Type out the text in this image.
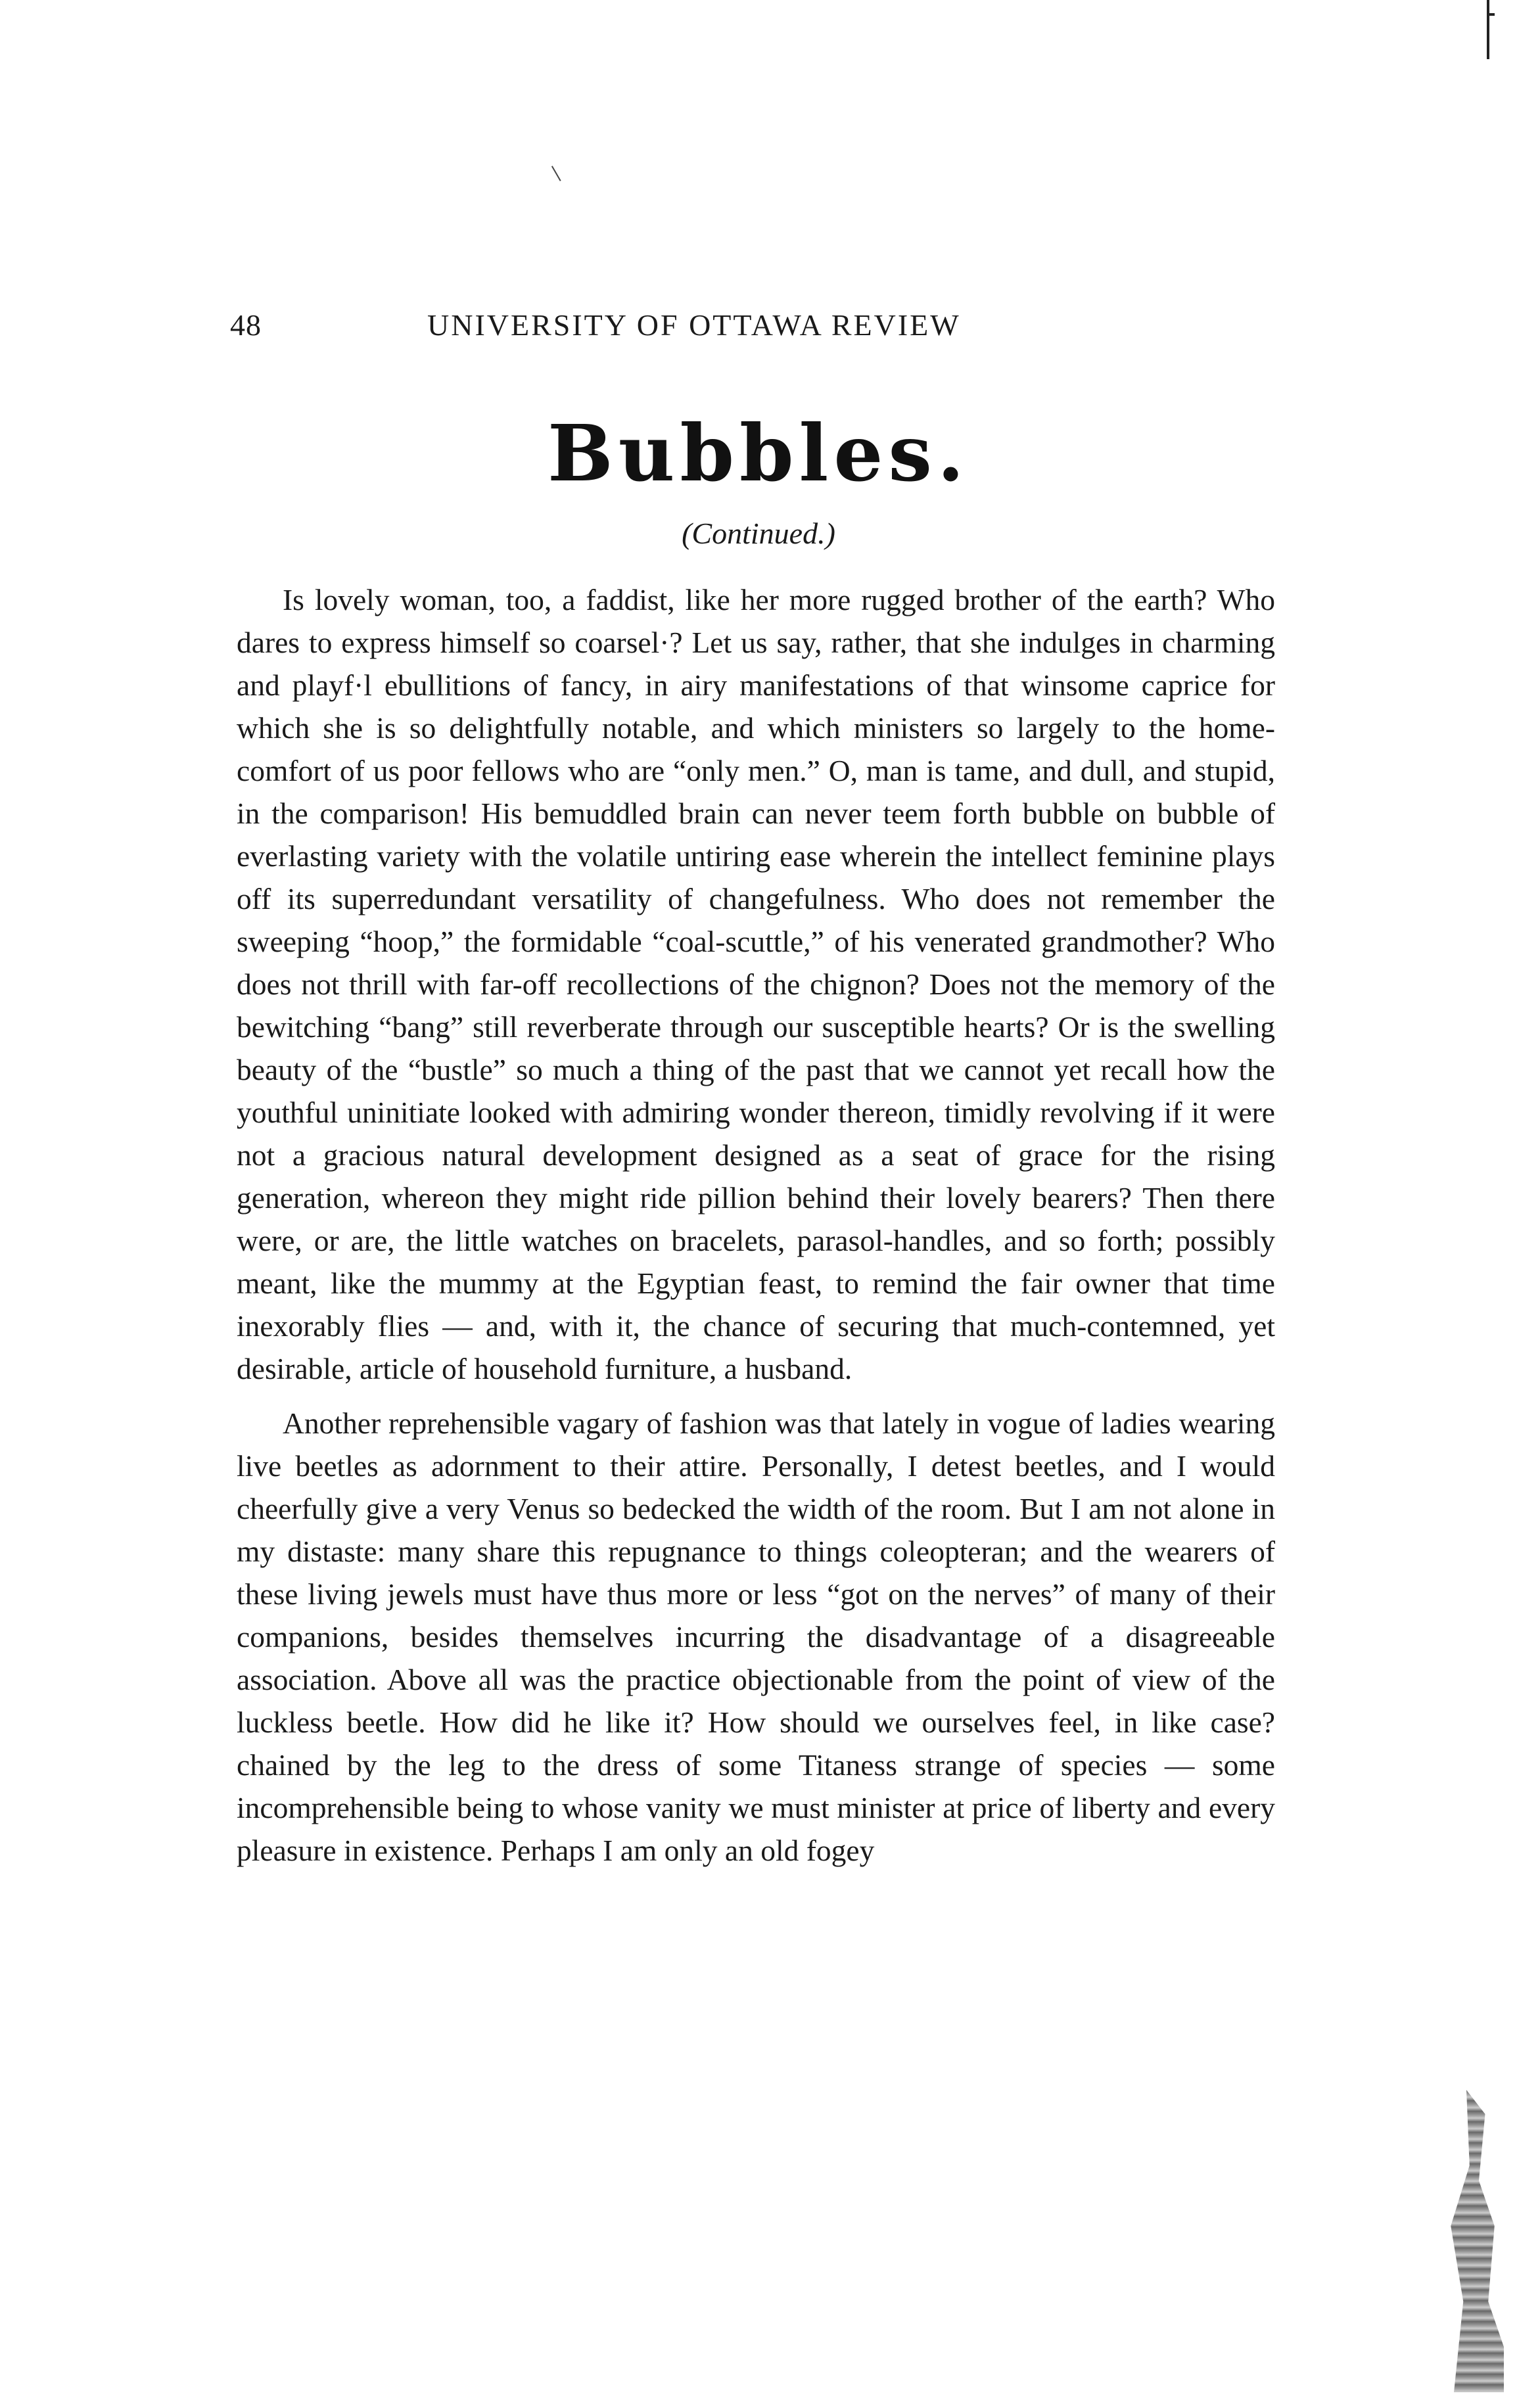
48	UNIVERSITY OF OTTAWA REVIEW
Bubbles.
(Continued.)

Is lovely woman, too, a faddist, like her more rugged brother of the earth? Who dares to express himself so coarsel·? Let us say, rather, that she indulges in charming and playf·l ebullitions of fancy, in airy manifestations of that winsome caprice for which she is so delightfully notable, and which ministers so largely to the home-comfort of us poor fellows who are “only men.” O, man is tame, and dull, and stupid, in the comparison! His bemuddled brain can never teem forth bubble on bubble of everlasting variety with the volatile untiring ease wherein the intellect feminine plays off its superredundant versatility of changefulness. Who does not remember the sweeping “hoop,” the formidable “coal-scuttle,” of his venerated grandmother? Who does not thrill with far-off recollections of the chignon? Does not the memory of the bewitching “bang” still reverberate through our susceptible hearts? Or is the swelling beauty of the “bustle” so much a thing of the past that we cannot yet recall how the youthful uninitiate looked with admiring wonder thereon, timidly revolving if it were not a gracious natural development designed as a seat of grace for the rising generation, whereon they might ride pillion behind their lovely bearers? Then there were, or are, the little watches on bracelets, parasol-handles, and so forth; possibly meant, like the mummy at the Egyptian feast, to remind the fair owner that time inexorably flies — and, with it, the chance of securing that much-contemned, yet desirable, article of household furniture, a husband.

Another reprehensible vagary of fashion was that lately in vogue of ladies wearing live beetles as adornment to their attire. Personally, I detest beetles, and I would cheerfully give a very Venus so bedecked the width of the room. But I am not alone in my distaste: many share this repugnance to things coleopteran; and the wearers of these living jewels must have thus more or less “got on the nerves” of many of their companions, besides themselves incurring the disadvantage of a disagreeable association. Above all was the practice objectionable from the point of view of the luckless beetle. How did he like it? How should we ourselves feel, in like case? chained by the leg to the dress of some Titaness strange of species — some incomprehensible being to whose vanity we must minister at price of liberty and every pleasure in existence. Perhaps I am only an old fogey
